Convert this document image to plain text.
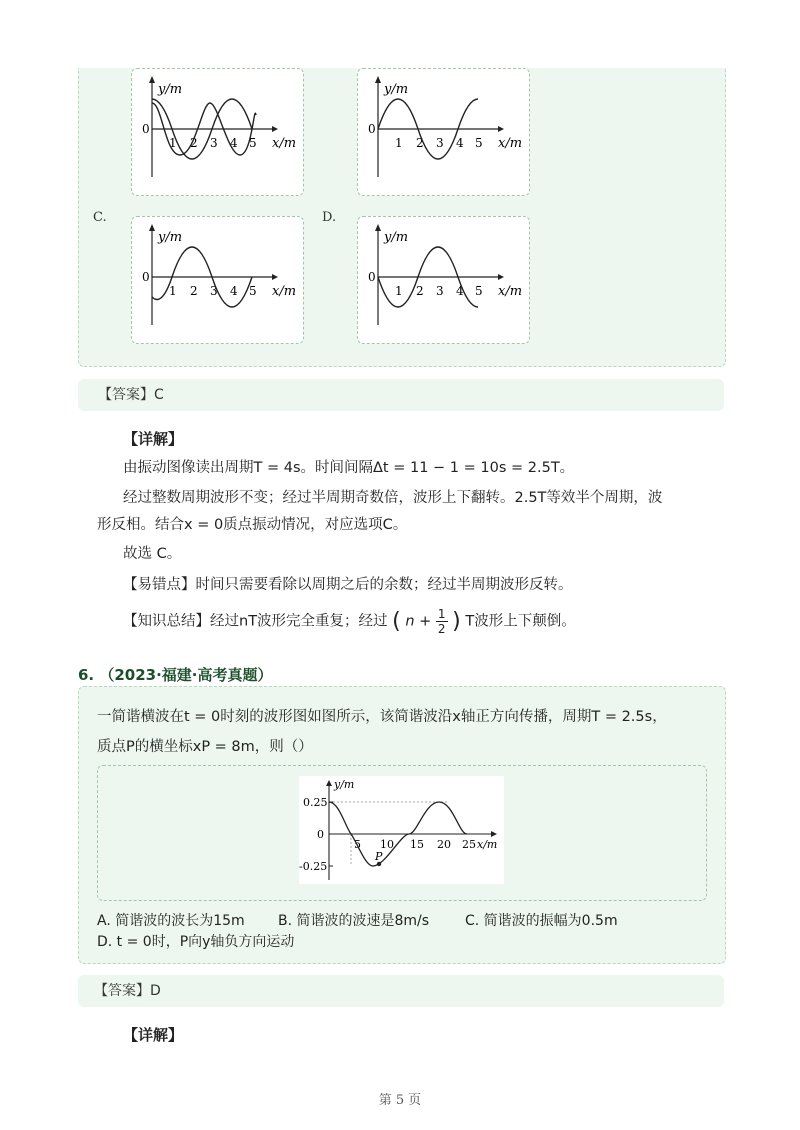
y/m
x/m
0
1 2 3 4 5
y/m
x/m
0
1 2 3 4 5
C.
y/m
x/m
0
1 2 3 4 5
D.
y/m
x/m
0
1 2 3 4 5
【答案】C
【详解】
由振动图像读出周期T = 4s。时间间隔Δt = 11 − 1 = 10s = 2.5T。
经过整数周期波形不变；经过半周期奇数倍，波形上下翻转。2.5T等效半个周期，波
形反相。结合x = 0质点振动情况，对应选项C。
故选 C。
【易错点】时间只需要看除以周期之后的余数；经过半周期波形反转。
【知识总结】经过nT波形完全重复；经过 ( $n + \frac{1}{2}$ ) T波形上下颠倒。
6. （2023·福建·高考真题）
一简谐横波在t = 0时刻的波形图如图所示，该简谐波沿x轴正方向传播，周期T = 2.5s，
质点P的横坐标xP = 8m，则（）
y/m
x/m
0.25
0
-0.25
5 10 15 20 25
P
A. 简谐波的波长为15m B. 简谐波的波速是8m/s	C. 简谐波的振幅为0.5m
D. t = 0时，P向y轴负方向运动
【答案】D
【详解】
第 5 页
